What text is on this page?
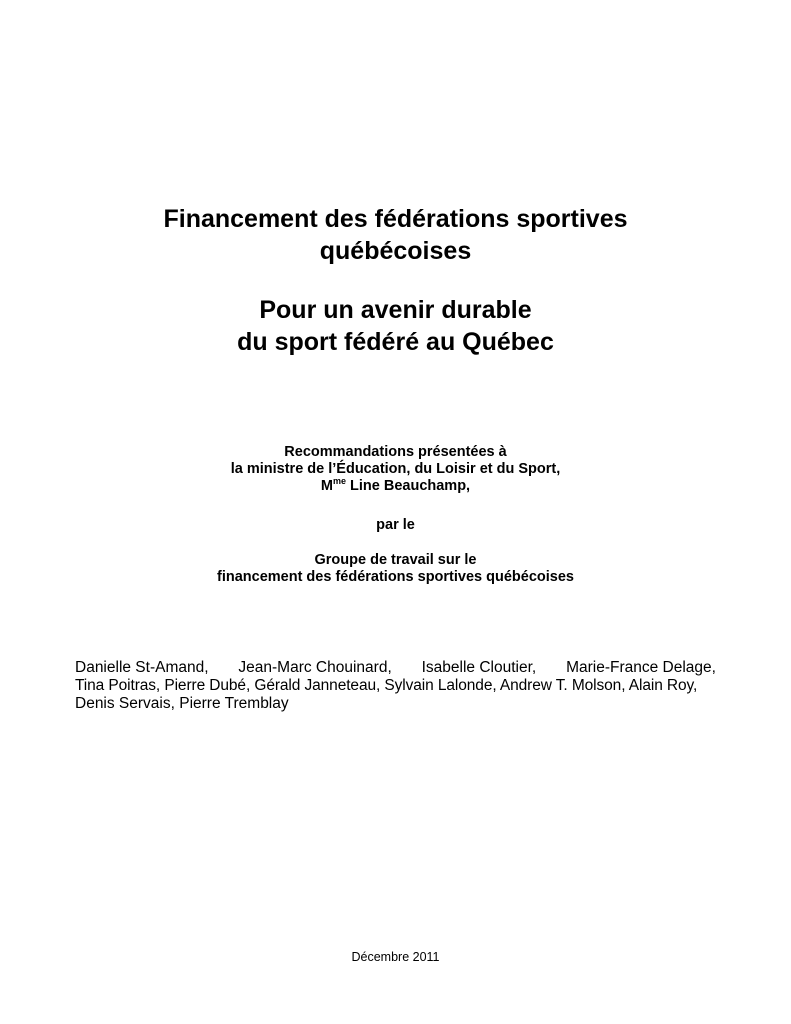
Financement des fédérations sportives
québécoises
Pour un avenir durable
du sport fédéré au Québec
Recommandations présentées à
la ministre de l’Éducation, du Loisir et du Sport,
$M^{me}$ Line Beauchamp,
par le
Groupe de travail sur le
financement des fédérations sportives québécoises
Danielle St-Amand, Jean-Marc Chouinard, Isabelle Cloutier, Marie-France Delage,
Tina Poitras, Pierre Dubé, Gérald Janneteau, Sylvain Lalonde, Andrew T. Molson, Alain Roy,
Denis Servais, Pierre Tremblay
Décembre 2011
